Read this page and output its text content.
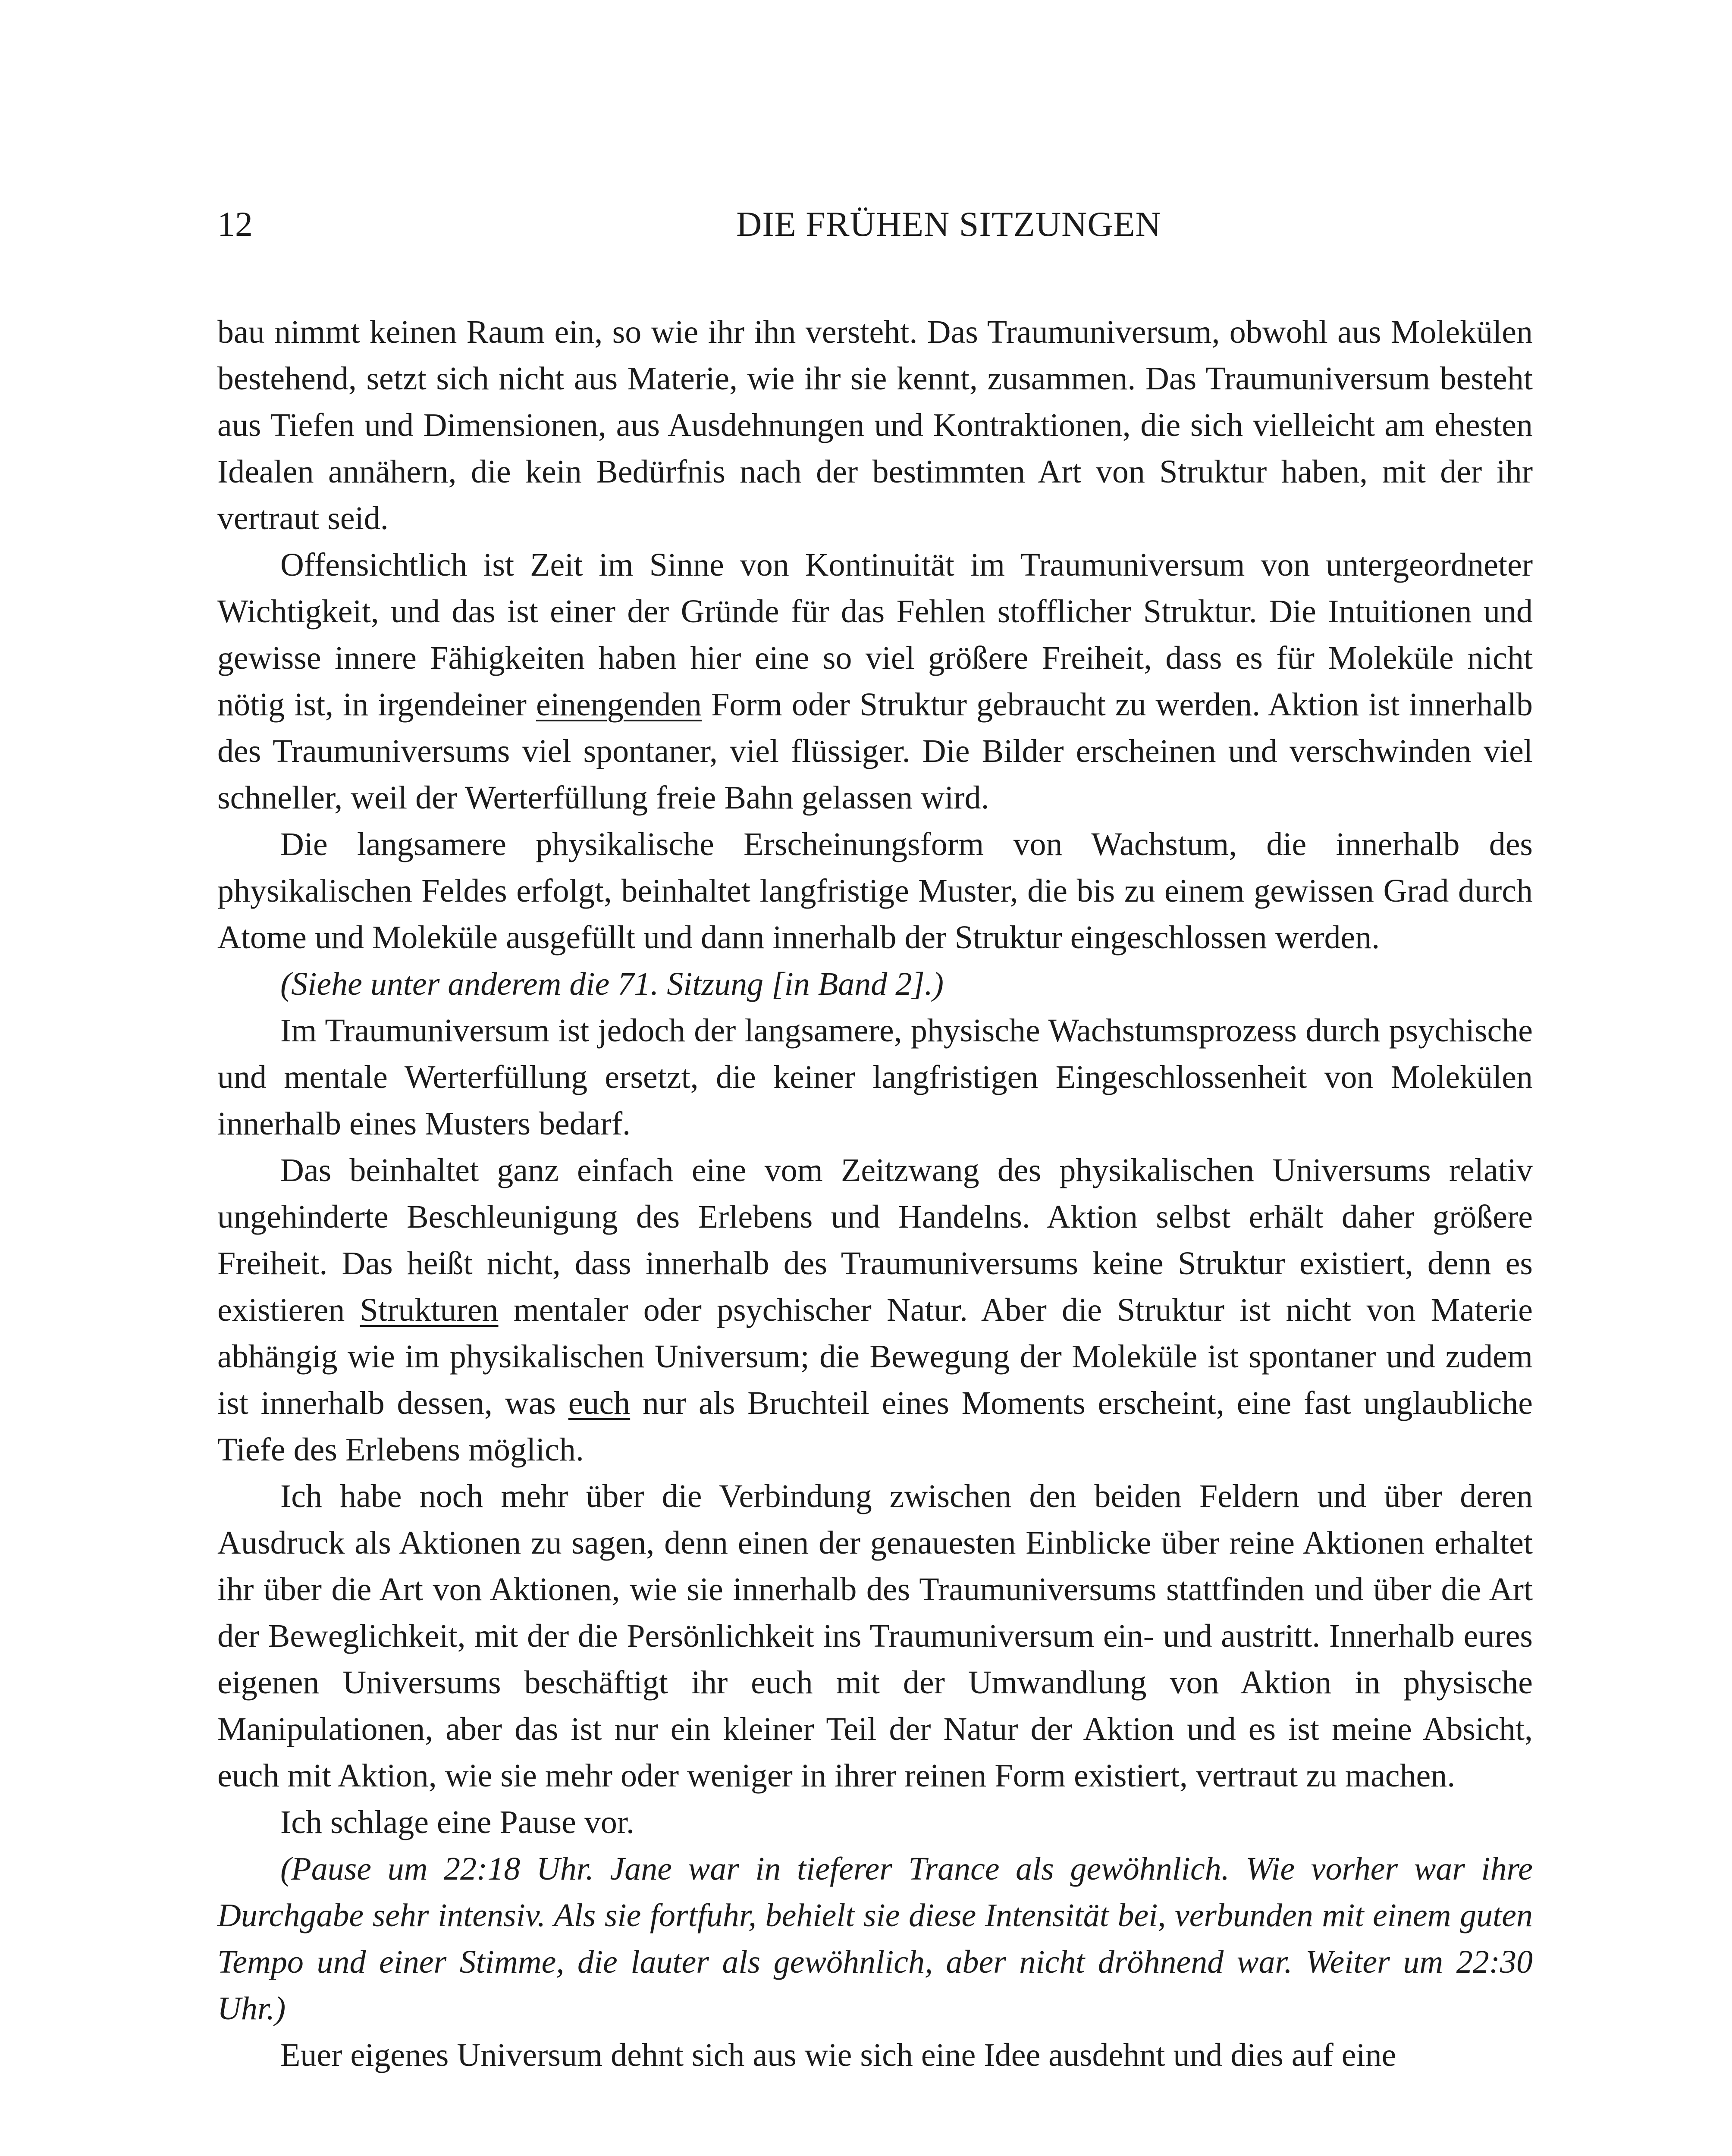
12	DIE FRÜHEN SITZUNGEN

bau nimmt keinen Raum ein, so wie ihr ihn versteht. Das Traumuniversum, obwohl aus Molekülen bestehend, setzt sich nicht aus Materie, wie ihr sie kennt, zusammen. Das Traumuniversum besteht aus Tiefen und Dimensionen, aus Ausdehnungen und Kontraktionen, die sich vielleicht am ehesten Idealen annähern, die kein Bedürfnis nach der bestimmten Art von Struktur haben, mit der ihr vertraut seid.

Offensichtlich ist Zeit im Sinne von Kontinuität im Traumuniversum von untergeordneter Wichtigkeit, und das ist einer der Gründe für das Fehlen stofflicher Struktur. Die Intuitionen und gewisse innere Fähigkeiten haben hier eine so viel größere Freiheit, dass es für Moleküle nicht nötig ist, in irgendeiner einengenden Form oder Struktur gebraucht zu werden. Aktion ist innerhalb des Traumuniversums viel spontaner, viel flüssiger. Die Bilder erscheinen und verschwinden viel schneller, weil der Werterfüllung freie Bahn gelassen wird.

Die langsamere physikalische Erscheinungsform von Wachstum, die innerhalb des physikalischen Feldes erfolgt, beinhaltet langfristige Muster, die bis zu einem gewissen Grad durch Atome und Moleküle ausgefüllt und dann innerhalb der Struktur eingeschlossen werden.

(Siehe unter anderem die 71. Sitzung [in Band 2].)

Im Traumuniversum ist jedoch der langsamere, physische Wachstumsprozess durch psychische und mentale Werterfüllung ersetzt, die keiner langfristigen Eingeschlossenheit von Molekülen innerhalb eines Musters bedarf.

Das beinhaltet ganz einfach eine vom Zeitzwang des physikalischen Universums relativ ungehinderte Beschleunigung des Erlebens und Handelns. Aktion selbst erhält daher größere Freiheit. Das heißt nicht, dass innerhalb des Traumuniversums keine Struktur existiert, denn es existieren Strukturen mentaler oder psychischer Natur. Aber die Struktur ist nicht von Materie abhängig wie im physikalischen Universum; die Bewegung der Moleküle ist spontaner und zudem ist innerhalb dessen, was euch nur als Bruchteil eines Moments erscheint, eine fast unglaubliche Tiefe des Erlebens möglich.

Ich habe noch mehr über die Verbindung zwischen den beiden Feldern und über deren Ausdruck als Aktionen zu sagen, denn einen der genauesten Einblicke über reine Aktionen erhaltet ihr über die Art von Aktionen, wie sie innerhalb des Traumuniversums stattfinden und über die Art der Beweglichkeit, mit der die Persönlichkeit ins Traumuniversum ein- und austritt. Innerhalb eures eigenen Universums beschäftigt ihr euch mit der Umwandlung von Aktion in physische Manipulationen, aber das ist nur ein kleiner Teil der Natur der Aktion und es ist meine Absicht, euch mit Aktion, wie sie mehr oder weniger in ihrer reinen Form existiert, vertraut zu machen.

Ich schlage eine Pause vor.

(Pause um 22:18 Uhr. Jane war in tieferer Trance als gewöhnlich. Wie vorher war ihre Durchgabe sehr intensiv. Als sie fortfuhr, behielt sie diese Intensität bei, verbunden mit einem guten Tempo und einer Stimme, die lauter als gewöhnlich, aber nicht dröhnend war. Weiter um 22:30 Uhr.)

Euer eigenes Universum dehnt sich aus wie sich eine Idee ausdehnt und dies auf eine
